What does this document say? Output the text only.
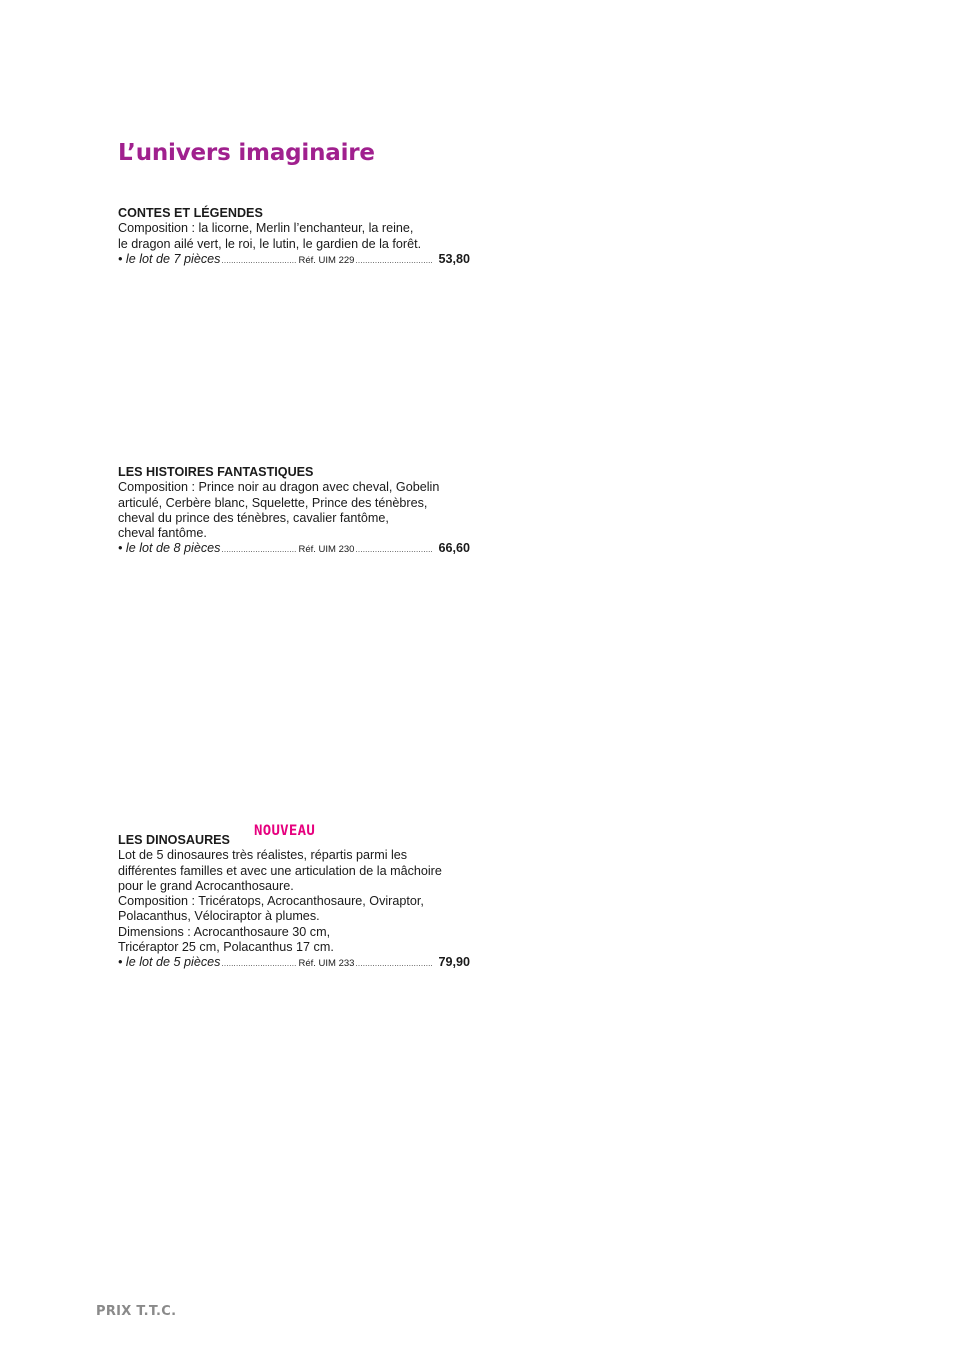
L’univers imaginaire
CONTES ET LÉGENDES

Composition : la licorne, Merlin l’enchanteur, la reine,
le dragon ailé vert, le roi, le lutin, le gardien de la forêt.

• le lot de 7 pièces .....	Réf. UIM 229 .....	53,80
LES HISTOIRES FANTASTIQUES

Composition : Prince noir au dragon avec cheval, Gobelin
articulé, Cerbère blanc, Squelette, Prince des ténèbres,
cheval du prince des ténèbres, cavalier fantôme,
cheval fantôme.

• le lot de 8 pièces .....	Réf. UIM 230 .....	66,60
NOUVEAU
LES DINOSAURES

Lot de 5 dinosaures très réalistes, répartis parmi les
différentes familles et avec une articulation de la mâchoire
pour le grand Acrocanthosaure.
Composition : Tricératops, Acrocanthosaure, Oviraptor,
Polacanthus, Vélociraptor à plumes.
Dimensions : Acrocanthosaure 30 cm,
Tricéraptor 25 cm, Polacanthus 17 cm.

• le lot de 5 pièces .....	Réf. UIM 233 .....	79,90
PRIX T.T.C.
